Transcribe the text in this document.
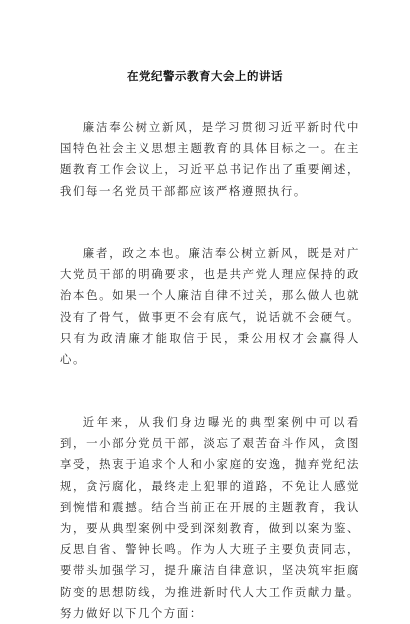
在党纪警示教育大会上的讲话

廉洁奉公树立新风，是学习贯彻习近平新时代中国特色社会主义思想主题教育的具体目标之一。在主题教育工作会议上，习近平总书记作出了重要阐述，我们每一名党员干部都应该严格遵照执行。

廉者，政之本也。廉洁奉公树立新风，既是对广大党员干部的明确要求，也是共产党人理应保持的政治本色。如果一个人廉洁自律不过关，那么做人也就没有了骨气，做事更不会有底气，说话就不会硬气。只有为政清廉才能取信于民，秉公用权才会赢得人心。

近年来，从我们身边曝光的典型案例中可以看到，一小部分党员干部，淡忘了艰苦奋斗作风，贪图享受，热衷于追求个人和小家庭的安逸，抛弃党纪法规，贪污腐化，最终走上犯罪的道路，不免让人感觉到惋惜和震撼。结合当前正在开展的主题教育，我认为，要从典型案例中受到深刻教育，做到以案为鉴、反思自省、警钟长鸣。作为人大班子主要负责同志，要带头加强学习，提升廉洁自律意识，坚决筑牢拒腐防变的思想防线，为推进新时代人大工作贡献力量。努力做好以下几个方面：
